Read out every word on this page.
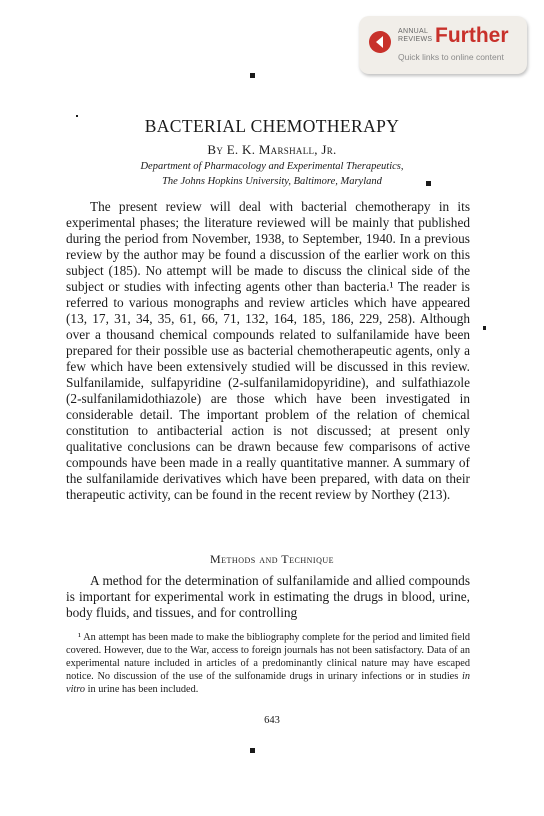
ANNUAL
REVIEWS Further
Quick links to online content
BACTERIAL CHEMOTHERAPY

By E. K. Marshall, Jr.

Department of Pharmacology and Experimental Therapeutics,

The Johns Hopkins University, Baltimore, Maryland

The present review will deal with bacterial chemotherapy in its experimental phases; the literature reviewed will be mainly that published during the period from November, 1938, to September, 1940. In a previous review by the author may be found a discussion of the earlier work on this subject (185). No attempt will be made to discuss the clinical side of the subject or studies with infecting agents other than bacteria.¹ The reader is referred to various monographs and review articles which have appeared (13, 17, 31, 34, 35, 61, 66, 71, 132, 164, 185, 186, 229, 258). Although over a thousand chemical compounds related to sulfanilamide have been prepared for their possible use as bacterial chemotherapeutic agents, only a few which have been extensively studied will be discussed in this review. Sulfanilamide, sulfapyridine (2-sulfanilamidopyridine), and sulfathiazole (2-sulfanilamidothiazole) are those which have been investigated in considerable detail. The important problem of the relation of chemical constitution to antibacterial action is not discussed; at present only qualitative conclusions can be drawn because few comparisons of active compounds have been made in a really quantitative manner. A summary of the sulfanilamide derivatives which have been prepared, with data on their therapeutic activity, can be found in the recent review by Northey (213).

Methods and Technique

A method for the determination of sulfanilamide and allied compounds is important for experimental work in estimating the drugs in blood, urine, body fluids, and tissues, and for controlling

¹ An attempt has been made to make the bibliography complete for the period and limited field covered. However, due to the War, access to foreign journals has not been satisfactory. Data of an experimental nature included in articles of a predominantly clinical nature may have escaped notice. No discussion of the use of the sulfonamide drugs in urinary infections or in studies in vitro in urine has been included.

643
